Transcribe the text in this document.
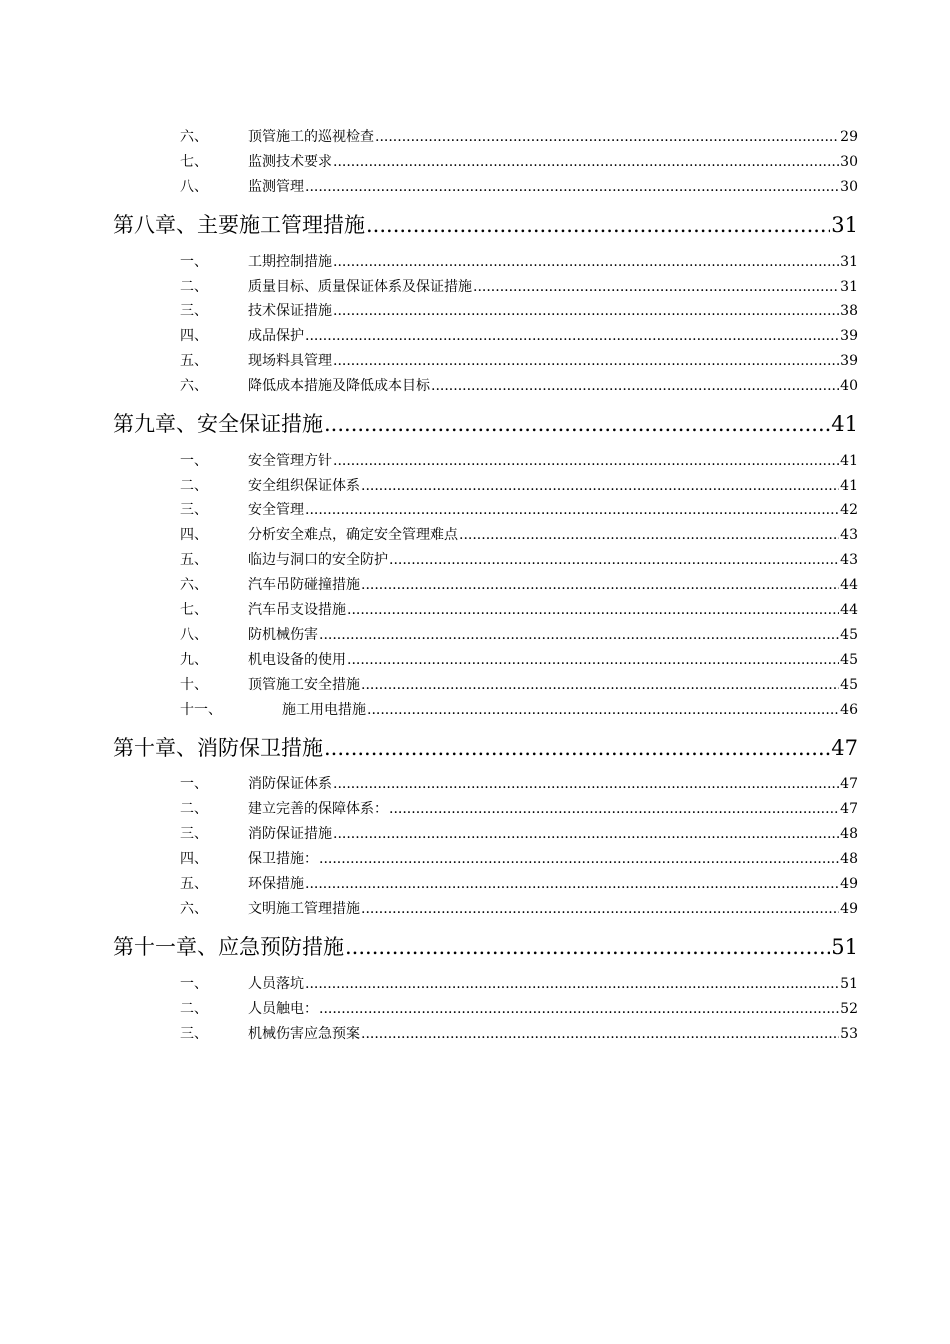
六、	顶管施工的巡视检查 .....	29
七、	监测技术要求 .....	30
八、	监测管理 .....	30
第八章、主要施工管理措施 .....	31
一、	工期控制措施 .....	31
二、	质量目标、质量保证体系及保证措施 .....	31
三、	技术保证措施 .....	38
四、	成品保护 .....	39
五、	现场料具管理 .....	39
六、	降低成本措施及降低成本目标 .....	40
第九章、安全保证措施 .....	41
一、	安全管理方针 .....	41
二、	安全组织保证体系 .....	41
三、	安全管理 .....	42
四、	分析安全难点，确定安全管理难点 .....	43
五、	临边与洞口的安全防护 .....	43
六、	汽车吊防碰撞措施 .....	44
七、	汽车吊支设措施 .....	44
八、	防机械伤害 .....	45
九、	机电设备的使用 .....	45
十、	顶管施工安全措施 .....	45
十一、	施工用电措施 .....	46
第十章、消防保卫措施 .....	47
一、	消防保证体系 .....	47
二、	建立完善的保障体系： .....	47
三、	消防保证措施 .....	48
四、	保卫措施： .....	48
五、	环保措施 .....	49
六、	文明施工管理措施 .....	49
第十一章、应急预防措施 .....	51
一、	人员落坑 .....	51
二、	人员触电： .....	52
三、	机械伤害应急预案 .....	53
